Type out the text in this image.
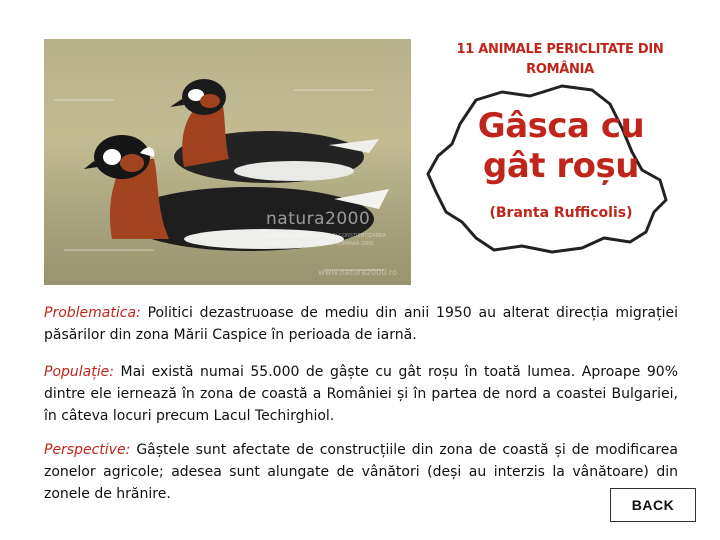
natura2000
SCHIMBAREA MENTALITĂȚII ȘI CONȘTIENTIZAREA PRIVIND PROTECȚIA NATURII ROMÂNIA 2000
www.natura2000.ro
11 ANIMALE PERICLITATE DIN ROMÂNIA
Gâsca cu
gât roșu
(Branta Rufficolis)
Problematica: Politici dezastruoase de mediu din anii 1950 au alterat direcția migrației păsărilor din zona Mării Caspice în perioada de iarnă.
Populație: Mai există numai 55.000 de gâște cu gât roșu în toată lumea. Aproape 90% dintre ele iernează în zona de coastă a României și în partea de nord a coastei Bulgariei, în câteva locuri precum Lacul Techirghiol.
Perspective: Gâștele sunt afectate de construcțiile din zona de coastă și de modificarea zonelor agricole; adesea sunt alungate de vânători (deși au interzis la vânătoare) din zonele de hrănire.
BACK
